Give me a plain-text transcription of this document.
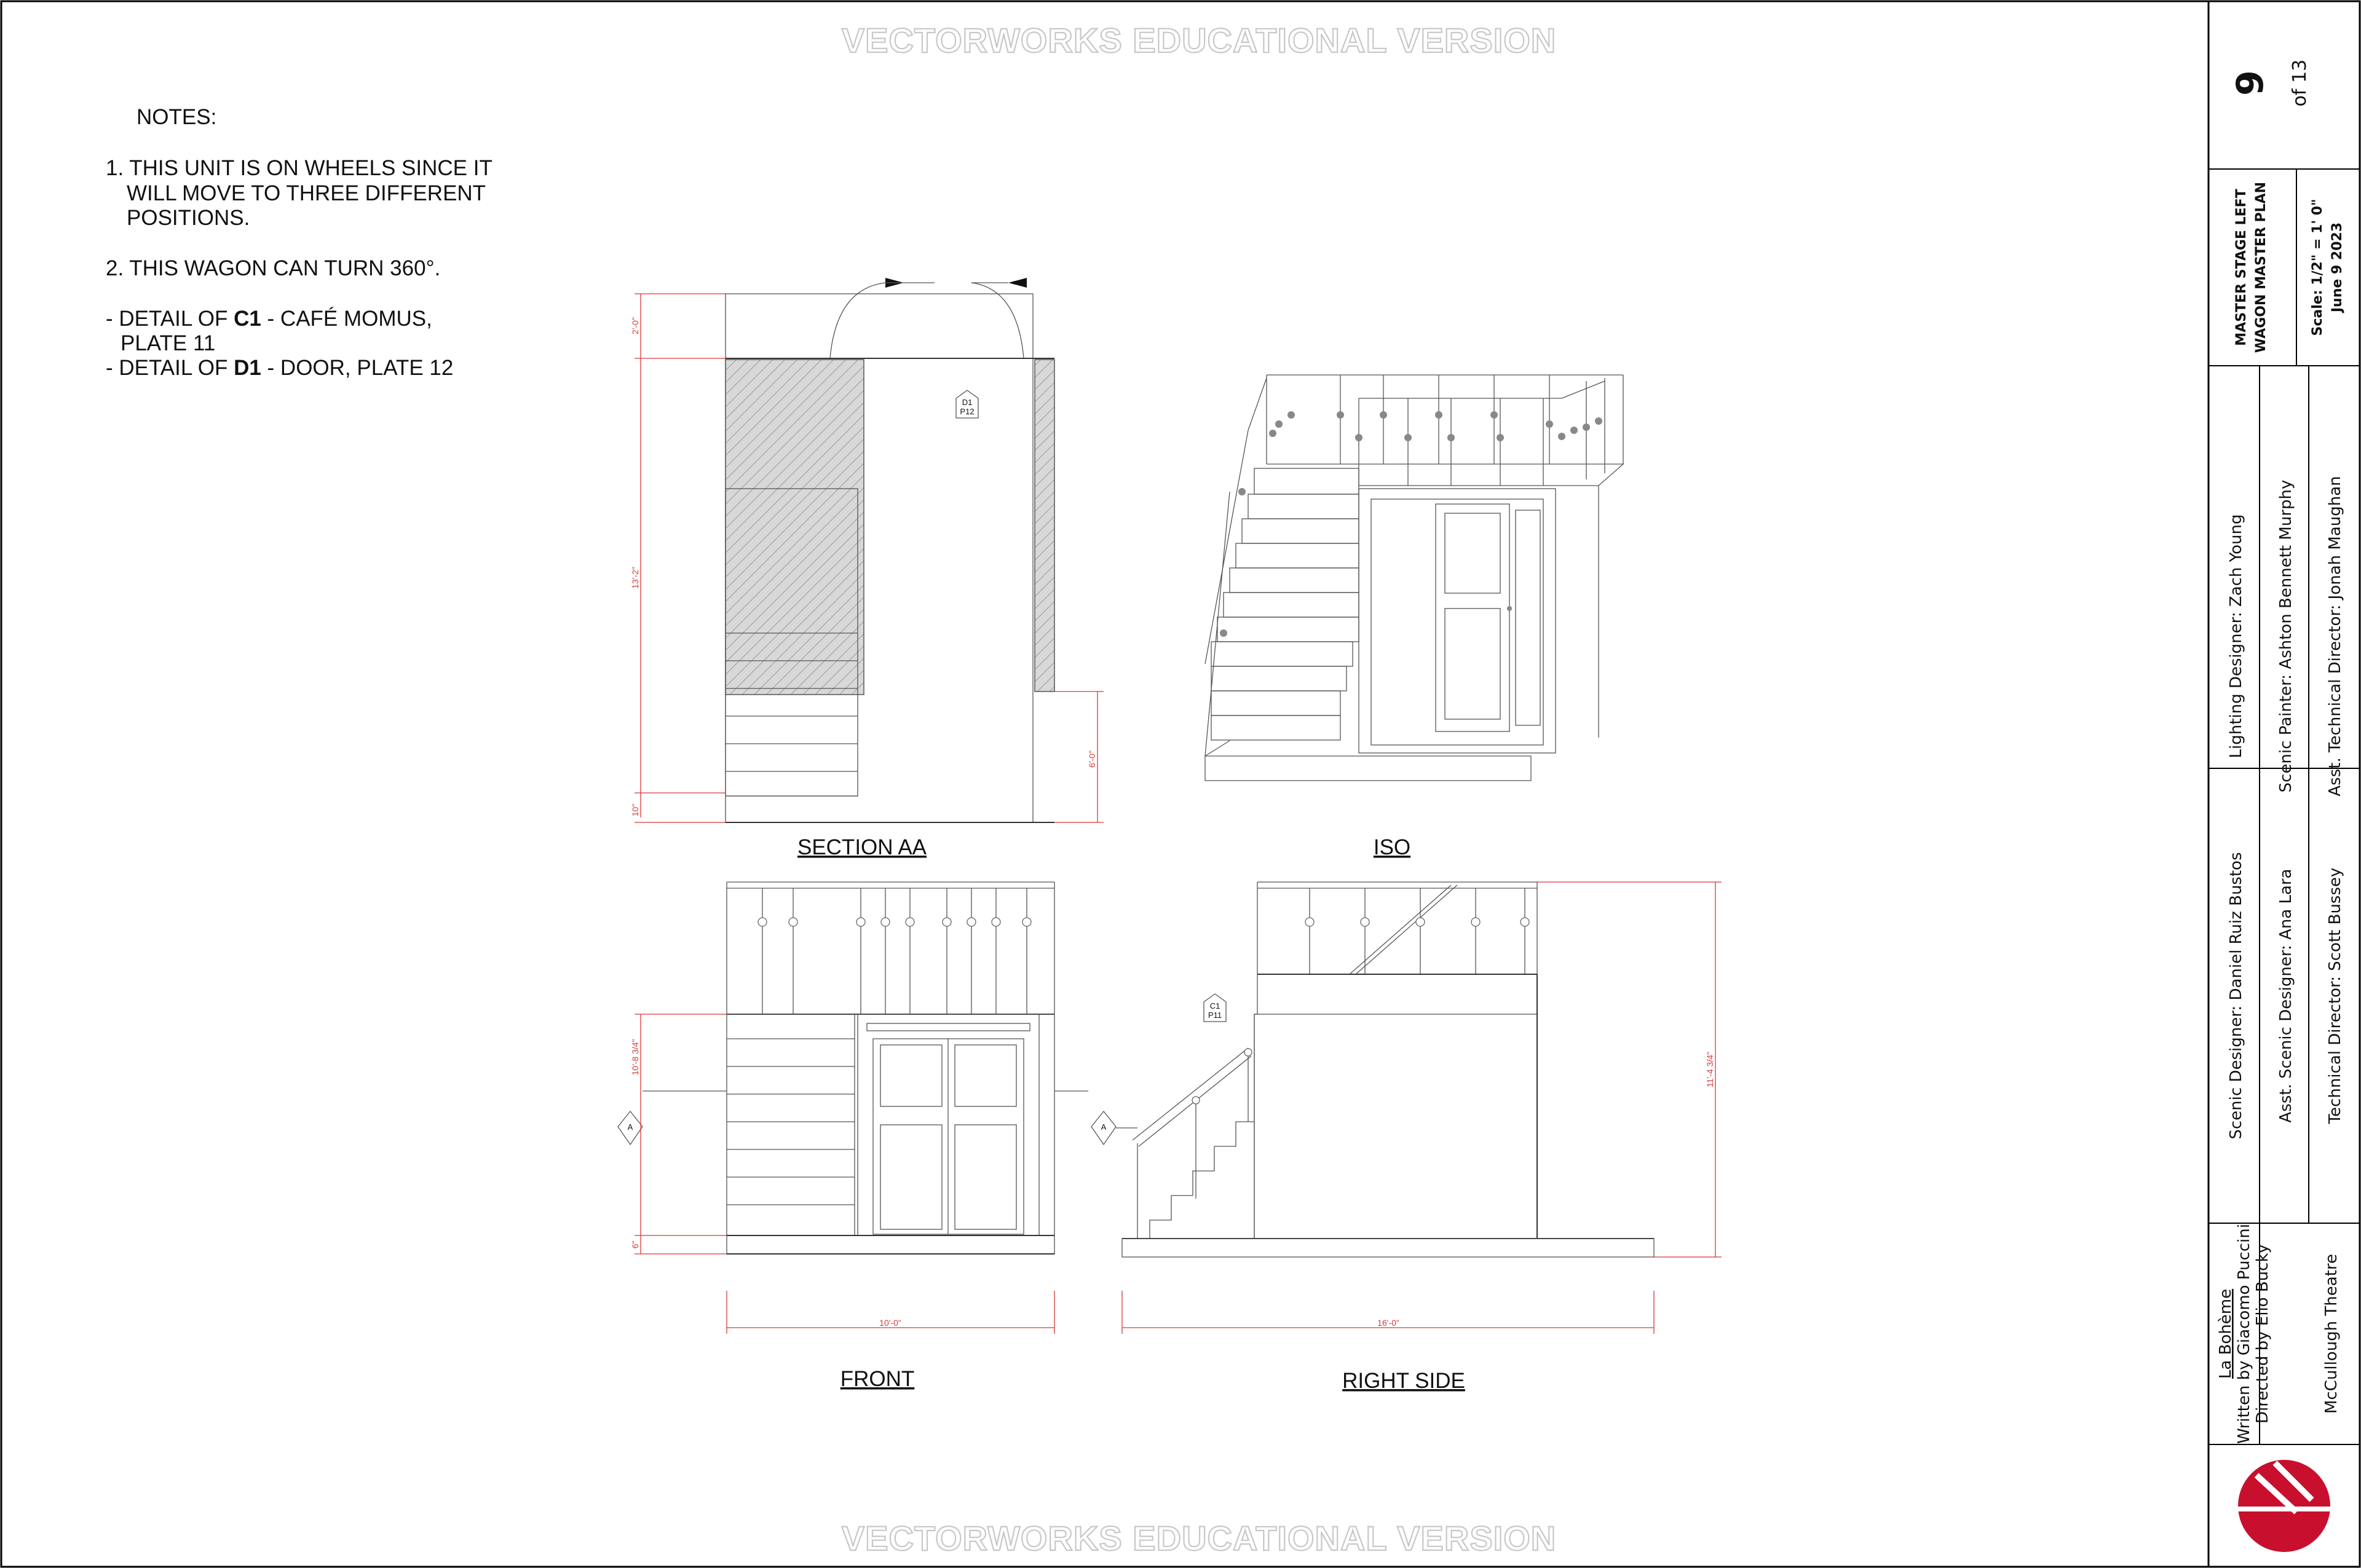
VECTORWORKS EDUCATIONAL VERSION
VECTORWORKS EDUCATIONAL VERSION
NOTES:
1. THIS UNIT IS ON WHEELS SINCE IT
WILL MOVE TO THREE DIFFERENT
POSITIONS.
2. THIS WAGON CAN TURN 360°.
- DETAIL OF C1 - CAFÉ MOMUS,
PLATE 11
- DETAIL OF D1 - DOOR, PLATE 12
D1
P12
2'-0"
13'-2"
10"
6'-0"
SECTION AA	ISO
A
10'-8 3/4"
6"
10'-0"
FRONT
C1
P11
A
16'-0"
11'-4 3/4"
RIGHT SIDE
9 of 13
MASTER STAGE LEFT WAGON MASTER PLAN	Scale: 1/2" = 1' 0" June 9 2023
Lighting Designer: Zach Young Scenic Painter: Ashton Bennett Murphy Asst. Technical Director: Jonah Maughan
Scenic Designer: Daniel Ruiz Bustos Asst. Scenic Designer: Ana Lara Technical Director: Scott Bussey
La Bohème Written by Giacomo Puccini Directed by Elio Bucky	McCullough Theatre
